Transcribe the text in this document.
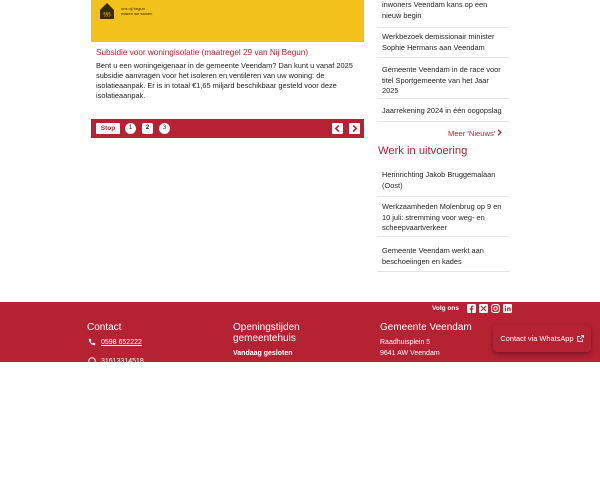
§§§
ons nij begun
maken we samen
Subsidie voor woningisolatie (maatregel 29 van Nij Begun)
Bent u een woningeigenaar in de gemeente Veendam? Dan kunt u vanaf 2025 subsidie aanvragen voor het isoleren en ventileren van uw woning: de isolatieaanpak. Er is in totaal €1,65 miljard beschikbaar gesteld voor deze isolatieaanpak.
Stop	1	2	3
inwoners Veendam kans op een nieuw begin
Werkbezoek demissionair minister Sophie Hermans aan Veendam
Gemeente Veendam in de race voor titel Sportgemeente van het Jaar 2025
Jaarrekening 2024 in één oogopslag
Meer 'Nieuws'
Werk in uitvoering
Herinrichting Jakob Bruggemalaan (Oost)
Werkzaamheden Molenbrug op 9 en 10 juli: stremming voor weg- en scheepvaartverkeer
Gemeente Veendam werkt aan beschoeiingen en kades
Volg ons
Contact
0598 652222
31613314518
Openingstijden gemeentehuis
Vandaag gesloten
Gemeente Veendam
Raadhuisplein 5
9641 AW Veendam
Contact via WhatsApp
